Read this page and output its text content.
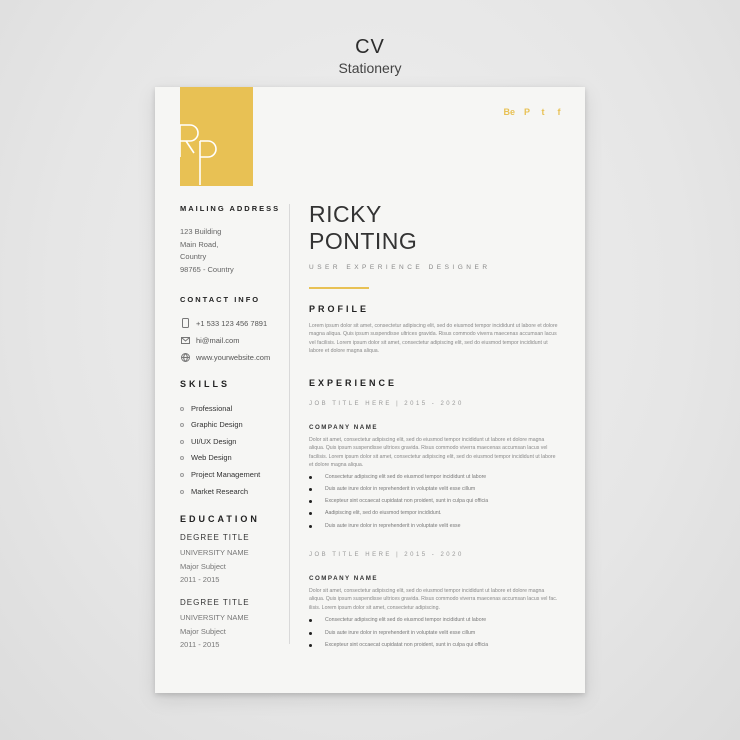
CV
Stationery
Be P t f
MAILING ADDRESS
123 Building
Main Road,
Country
98765 - Country
CONTACT INFO
+1 533 123 456 7891
hi@mail.com
www.yourwebsite.com
SKILLS
Professional
Graphic Design
UI/UX Design
Web Design
Project Management
Market Research
EDUCATION
DEGREE TITLE
UNIVERSITY NAME
Major Subject
2011 - 2015
DEGREE TITLE
UNIVERSITY NAME
Major Subject
2011 - 2015
RICKY
PONTING
USER EXPERIENCE DESIGNER
PROFILE
Lorem ipsum dolor sit amet, consectetur adipiscing elit, sed do eiusmod tempor incididunt ut labore et dolore magna aliqua. Quis ipsum suspendisse ultrices gravida. Risus commodo viverra maecenas accumsan lacus vel facilisis. Lorem ipsum dolor sit amet, consectetur adipiscing elit, sed do eiusmod tempor incididunt ut labore et dolore magna aliqua.
EXPERIENCE
JOB TITLE HERE | 2015 - 2020
COMPANY NAME
Dolor sit amet, consectetur adipiscing elit, sed do eiusmod tempor incididunt ut labore et dolore magna aliqua. Quis ipsum suspendisse ultrices gravida. Risus commodo viverra maecenas accumsan lacus vel facilisis. Lorem ipsum dolor sit amet, consectetur adipiscing elit, sed do eiusmod tempor incididunt ut labore et dolore magna aliqua.
Consectetur adipiscing elit sed do eiusmod tempor incididunt ut labore
Duis aute irure dolor in reprehenderit in voluptate velit esse cillum
Excepteur sint occaecat cupidatat non proident, sunt in culpa qui officia
Aadipiscing elit, sed do eiusmod tempor incididunt.
Duis aute irure dolor in reprehenderit in voluptate velit esse
JOB TITLE HERE | 2015 - 2020
COMPANY NAME
Dolor sit amet, consectetur adipiscing elit, sed do eiusmod tempor incididunt ut labore et dolore magna aliqua. Quis ipsum suspendisse ultrices gravida. Risus commodo viverra maecenas accumsan lacus vel fac. ilisis. Lorem ipsum dolor sit amet, consectetur adipiscing.
Consectetur adipiscing elit sed do eiusmod tempor incididunt ut labore
Duis aute irure dolor in reprehenderit in voluptate velit esse cillum
Excepteur sint occaecat cupidatat non proident, sunt in culpa qui officia
